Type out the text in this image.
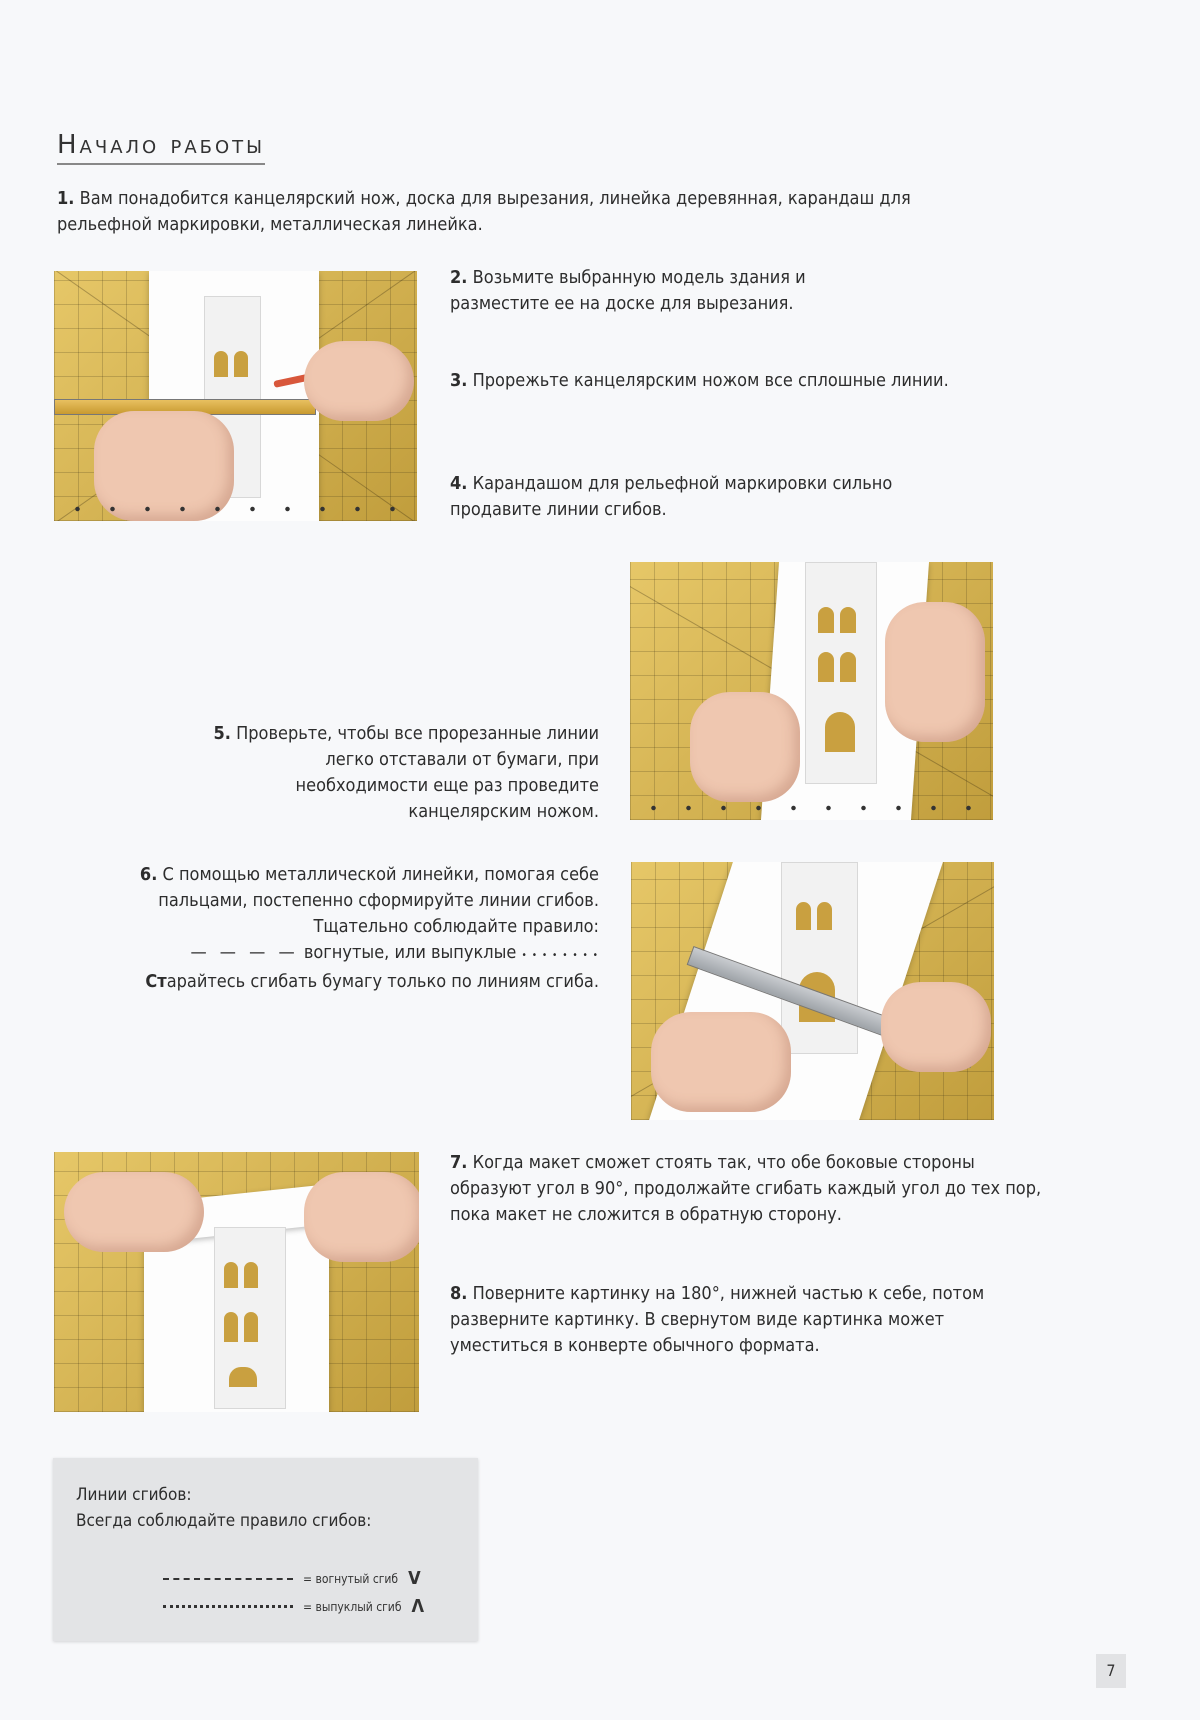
Начало работы

1. Вам понадобится канцелярский нож, доска для вырезания, линейка деревянная, карандаш для рельефной маркировки, металлическая линейка.

2. Возьмите выбранную модель здания и разместите ее на доске для вырезания.

3. Прорежьте канцелярским ножом все сплошные линии.

4. Карандашом для рельефной маркировки сильно продавите линии сгибов.

5. Проверьте, чтобы все прорезанные линии легко отставали от бумаги, при необходимости еще раз проведите канцелярским ножом.

6. С помощью металлической линейки, помогая себе пальцами, постепенно сформируйте линии сгибов. Тщательно соблюдайте правило:
— — — — вогнутые, или выпуклые • • • • • • • •
Старайтесь сгибать бумагу только по линиям сгиба.

7. Когда макет сможет стоять так, что обе боковые стороны образуют угол в 90°, продолжайте сгибать каждый угол до тех пор, пока макет не сложится в обратную сторону.

8. Поверните картинку на 180°, нижней частью к себе, потом разверните картинку. В свернутом виде картинка может уместиться в конверте обычного формата.

Линии сгибов:

Всегда соблюдайте правило сгибов:

= вогнутый сгиб V
= выпуклый сгиб Λ
7
